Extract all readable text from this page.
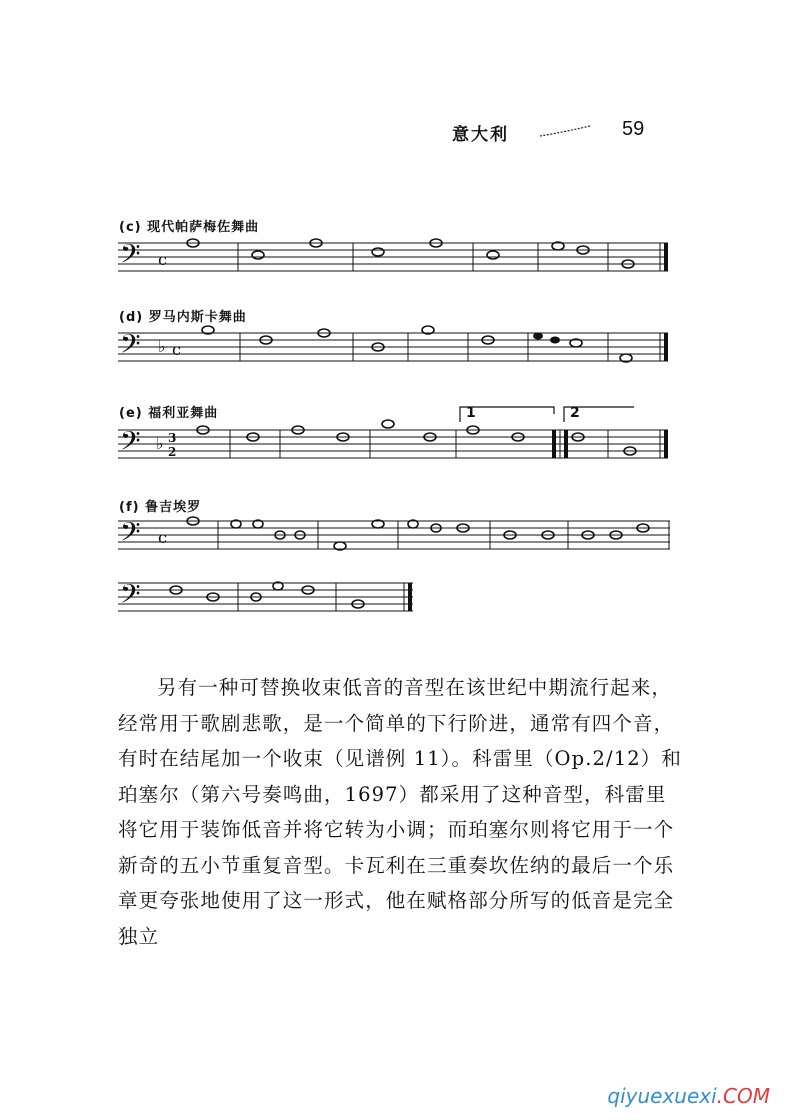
意大利	59
(c) 现代帕萨梅佐舞曲
𝄢 c
(d) 罗马内斯卡舞曲
𝄢 ♭ c
(e) 福利亚舞曲	1	2
𝄢 ♭ 3
2
(f) 鲁吉埃罗
𝄢 c
𝄢

另有一种可替换收束低音的音型在该世纪中期流行起来，经常用于歌剧悲歌，是一个简单的下行阶进，通常有四个音，有时在结尾加一个收束（见谱例 11）。科雷里（Op.2/12）和珀塞尔（第六号奏鸣曲，1697）都采用了这种音型，科雷里将它用于装饰低音并将它转为小调；而珀塞尔则将它用于一个新奇的五小节重复音型。卡瓦利在三重奏坎佐纳的最后一个乐章更夸张地使用了这一形式，他在赋格部分所写的低音是完全独立

qiyuexuexi.COM
